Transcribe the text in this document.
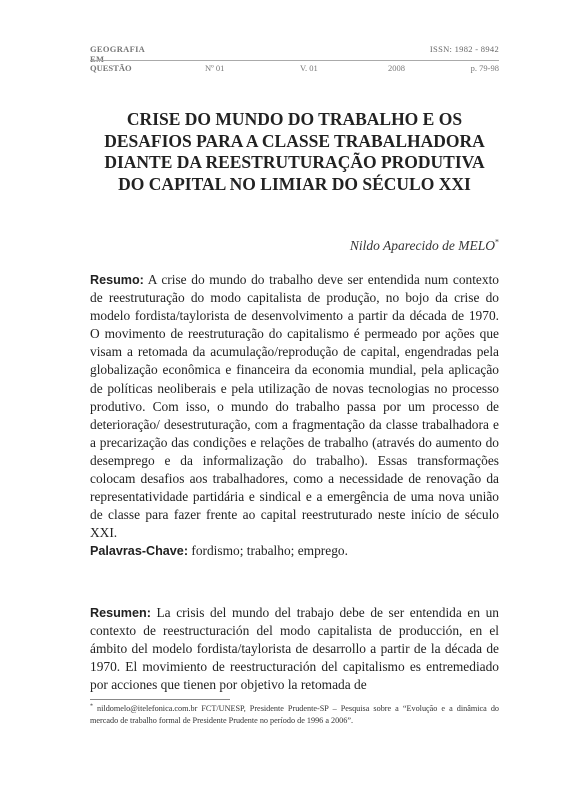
GEOGRAFIA
EM
ISSN: 1982 - 8942
QUESTÃO	Nº 01	V. 01	2008	p. 79-98
CRISE DO MUNDO DO TRABALHO E OS DESAFIOS PARA A CLASSE TRABALHADORA DIANTE DA REESTRUTURAÇÃO PRODUTIVA DO CAPITAL NO LIMIAR DO SÉCULO XXI
Nildo Aparecido de MELO*
Resumo: A crise do mundo do trabalho deve ser entendida num contexto de reestruturação do modo capitalista de produção, no bojo da crise do modelo fordista/taylorista de desenvolvimento a partir da década de 1970. O movimento de reestruturação do capitalismo é permeado por ações que visam a retomada da acumulação/reprodução de capital, engendradas pela globalização econômica e financeira da economia mundial, pela aplicação de políticas neoliberais e pela utilização de novas tecnologias no processo produtivo. Com isso, o mundo do trabalho passa por um processo de deterioração/ desestruturação, com a fragmentação da classe trabalhadora e a precarização das condições e relações de trabalho (através do aumento do desemprego e da informalização do trabalho). Essas transformações colocam desafios aos trabalhadores, como a necessidade de renovação da representatividade partidária e sindical e a emergência de uma nova união de classe para fazer frente ao capital reestruturado neste início de século XXI.
Palavras-Chave: fordismo; trabalho; emprego.
Resumen: La crisis del mundo del trabajo debe de ser entendida en un contexto de reestructuración del modo capitalista de producción, en el ámbito del modelo fordista/taylorista de desarrollo a partir de la década de 1970. El movimiento de reestructuración del capitalismo es entremediado por acciones que tienen por objetivo la retomada de
* nildomelo@itelefonica.com.br FCT/UNESP, Presidente Prudente-SP – Pesquisa sobre a “Evolução e a dinâmica do mercado de trabalho formal de Presidente Prudente no período de 1996 a 2006”.
